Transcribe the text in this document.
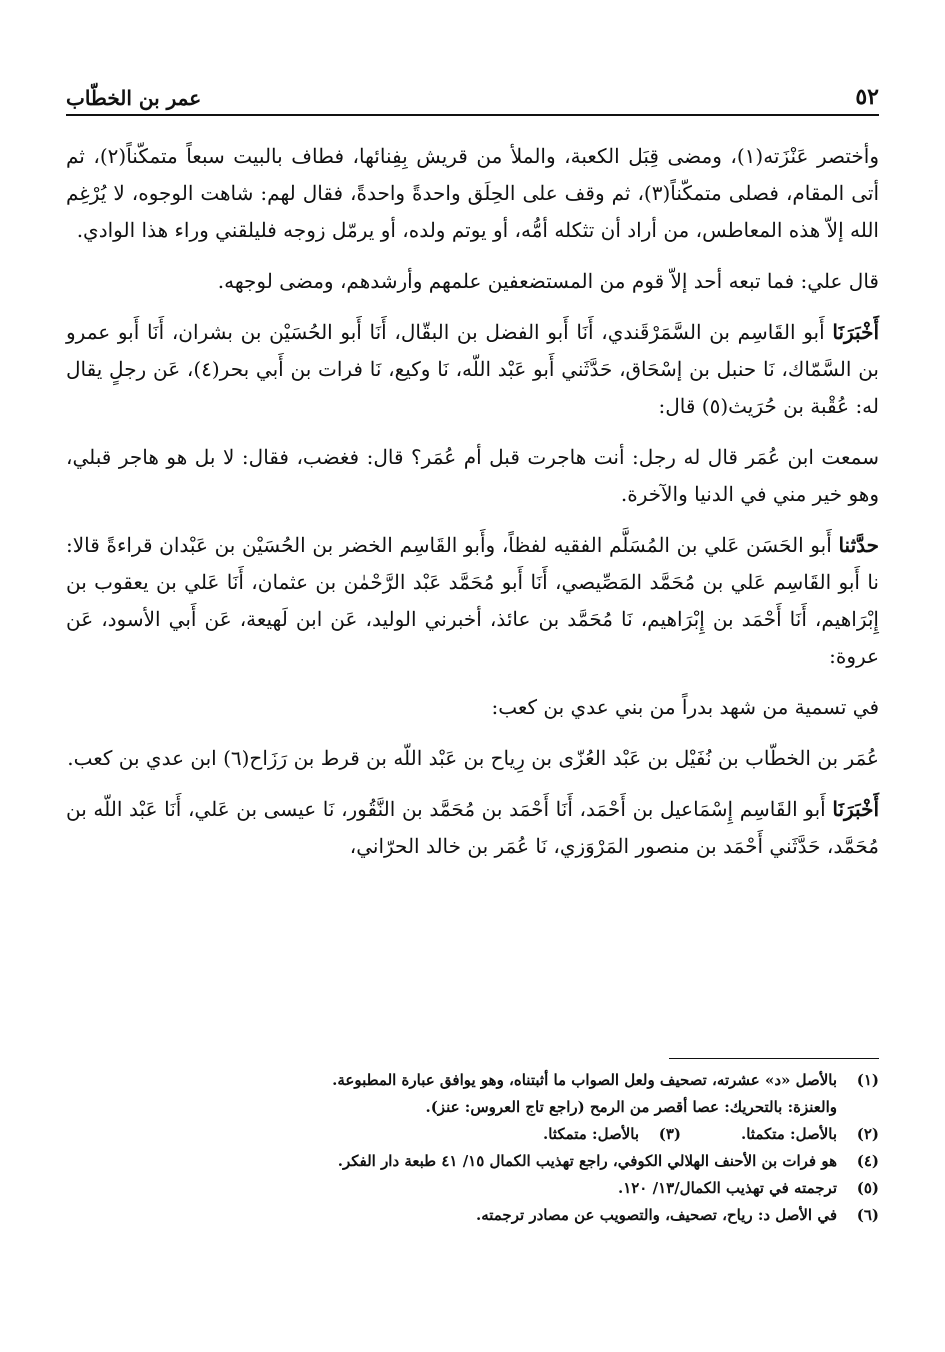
٥٢
عمر بن الخطّاب

وأختصر عَنْزَته(١)، ومضى قِبَل الكعبة، والملأ من قريش بِفِنائها، فطاف بالبيت سبعاً متمكّناً(٢)، ثم أتى المقام، فصلى متمكّناً(٣)، ثم وقف على الحِلَق واحدةً واحدةً، فقال لهم: شاهت الوجوه، لا يُرْغِم الله إلاّ هذه المعاطس، من أراد أن تثكله أمُّه، أو يوتم ولده، أو يرمّل زوجه فليلقني وراء هذا الوادي.

قال علي: فما تبعه أحد إلاّ قوم من المستضعفين علمهم وأرشدهم، ومضى لوجهه.

أَخْبَرَنَا أَبو القَاسِم بن السَّمَرْقَندي، أَنَا أَبو الفضل بن البقّال، أَنَا أَبو الحُسَيْن بن بشران، أَنَا أَبو عمرو بن السَّمّاك، نَا حنبل بن إسْحَاق، حَدَّثَني أَبو عَبْد اللّه، نَا وكيع، نَا فرات بن أَبي بحر(٤)، عَن رجلٍ يقال له: عُقْبة بن حُرَيث(٥) قال:

سمعت ابن عُمَر قال له رجل: أنت هاجرت قبل أم عُمَر؟ قال: فغضب، فقال: لا بل هو هاجر قبلي، وهو خير مني في الدنيا والآخرة.

حدَّثنا أَبو الحَسَن عَلي بن المُسَلَّم الفقيه لفظاً، وأَبو القَاسِم الخضر بن الحُسَيْن بن عَبْدان قراءةً قالا: نا أَبو القَاسِم عَلي بن مُحَمَّد المَصِّيصي، أَنَا أَبو مُحَمَّد عَبْد الرَّحْمٰن بن عثمان، أَنَا عَلي بن يعقوب بن إِبْرَاهيم، أَنَا أَحْمَد بن إِبْرَاهيم، نَا مُحَمَّد بن عائذ، أخبرني الوليد، عَن ابن لَهيعة، عَن أَبي الأسود، عَن عروة:

في تسمية من شهد بدراً من بني عدي بن كعب:

عُمَر بن الخطّاب بن نُفَيْل بن عَبْد العُزّى بن رِياح بن عَبْد اللّه بن قرط بن رَزَاح(٦) ابن عدي بن كعب.

أَخْبَرَنَا أَبو القَاسِم إِسْمَاعيل بن أَحْمَد، أَنَا أَحْمَد بن مُحَمَّد بن النَّقُور، نَا عيسى بن عَلي، أَنَا عَبْد اللّه بن مُحَمَّد، حَدَّثَني أَحْمَد بن منصور المَرْوَزي، نَا عُمَر بن خالد الحرّاني،

(١)
بالأصل «د» عشرته، تصحيف ولعل الصواب ما أثبتناه، وهو يوافق عبارة المطبوعة.
والعنزة: بالتحريك: عصا أقصر من الرمح (راجع تاج العروس: عنز).
(٢)
بالأصل: متكمثا.
(٣)
بالأصل: متمكثا.
(٤)
هو فرات بن الأحنف الهلالي الكوفي، راجع تهذيب الكمال ١٥/ ٤١ طبعة دار الفكر.
(٥)
ترجمته في تهذيب الكمال/١٣/ ١٢٠.
(٦)
في الأصل د: رياح، تصحيف، والتصويب عن مصادر ترجمته.
